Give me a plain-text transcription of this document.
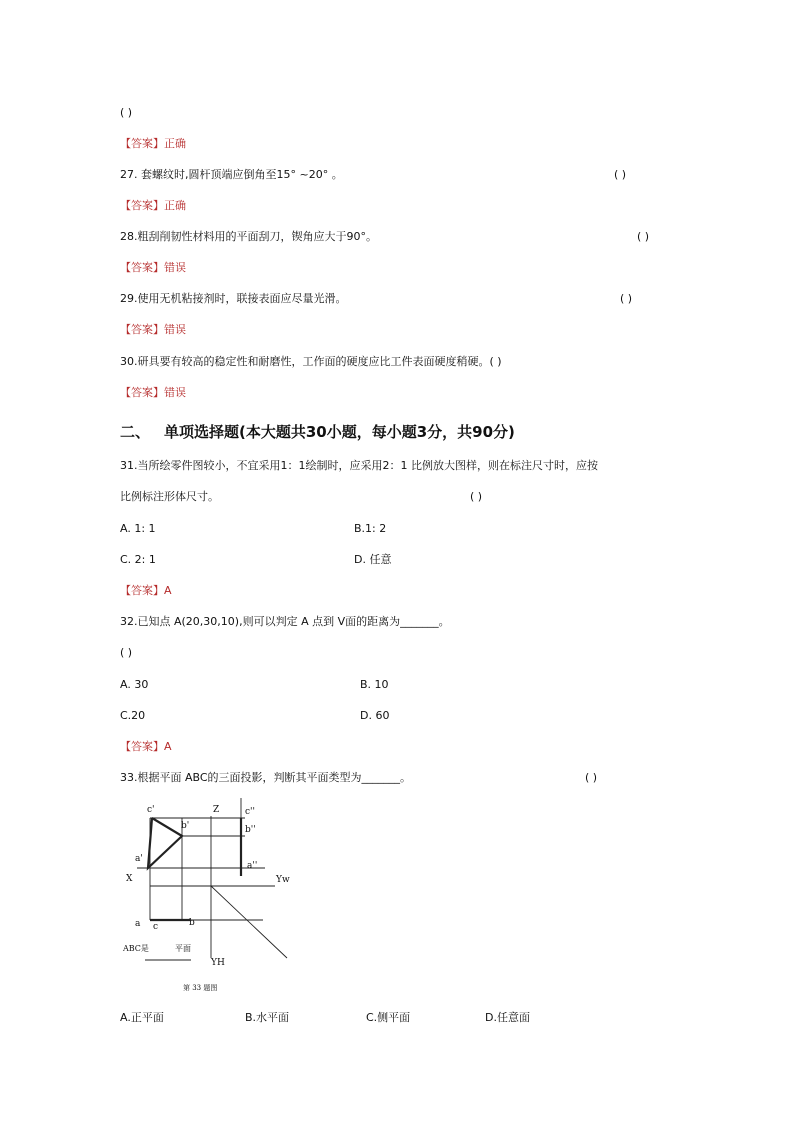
( )
【答案】正确
27. 套螺纹时,圆杆顶端应倒角至15° ~20° 。	( )
【答案】正确
28.粗刮削韧性材料用的平面刮刀，锲角应大于90°。	( )
【答案】错误
29.使用无机粘接剂时，联接表面应尽量光滑。	( )
【答案】错误
30.研具要有较高的稳定性和耐磨性，工作面的硬度应比工件表面硬度稍硬。( )
【答案】错误
二、 单项选择题(本大题共30小题，每小题3分，共90分)
31.当所绘零件图较小，不宜采用1：1绘制时，应采用2：1 比例放大图样，则在标注尺寸时，应按
比例标注形体尺寸。	( )
A. 1: 1	B.1: 2
C. 2: 1	D. 任意
【答案】A
32.已知点 A(20,30,10),则可以判定 A 点到 V面的距离为_______。
( )
A. 30	B. 10
C.20	D. 60
【答案】A
33.根据平面 ABC的三面投影，判断其平面类型为_______。	( )
c'
b'
a'
Z	c''
b''
a''
X	Yw
a c	b
YH
ABC是	平面
第 33 题图
A.正平面	B.水平面	C.侧平面	D.任意面
